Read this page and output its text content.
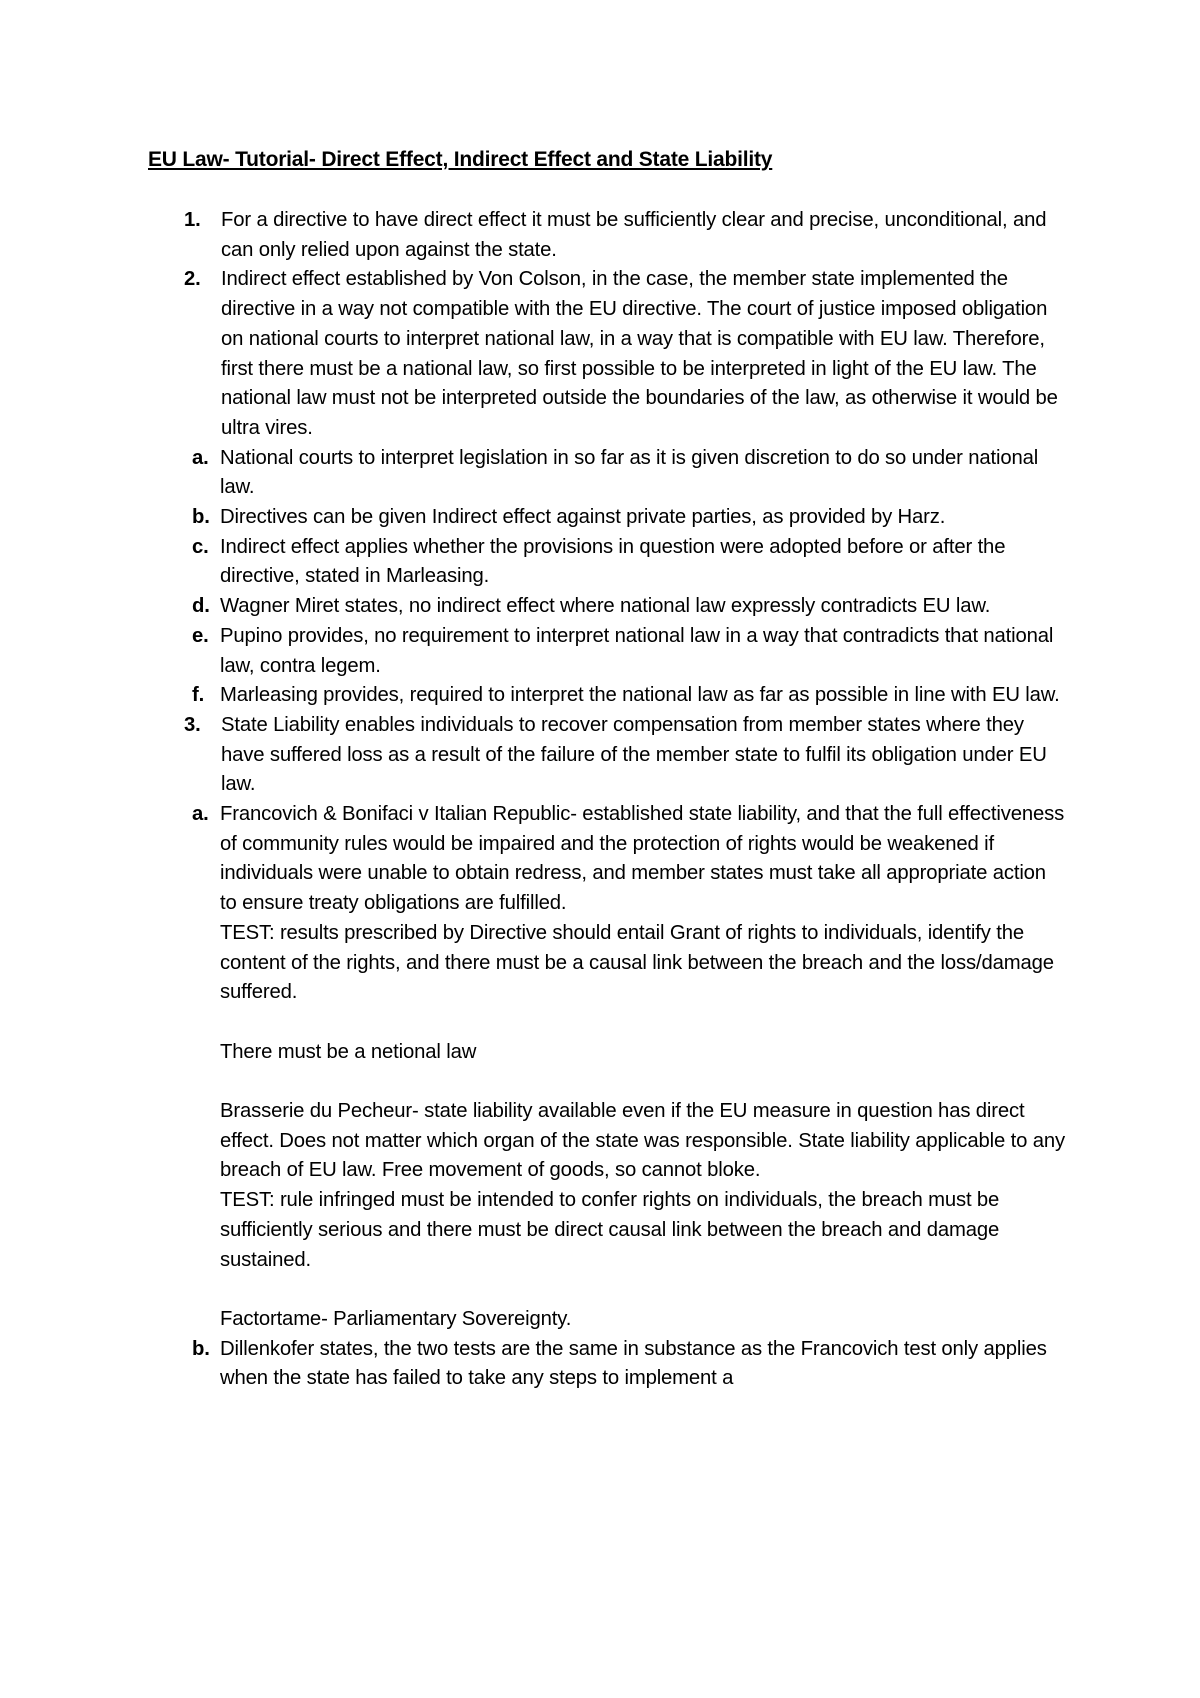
EU Law- Tutorial- Direct Effect, Indirect Effect and State Liability
1. For a directive to have direct effect it must be sufficiently clear and precise, unconditional, and can only relied upon against the state.
2. Indirect effect established by Von Colson, in the case, the member state implemented the directive in a way not compatible with the EU directive. The court of justice imposed obligation on national courts to interpret national law, in a way that is compatible with EU law. Therefore, first there must be a national law, so first possible to be interpreted in light of the EU law. The national law must not be interpreted outside the boundaries of the law, as otherwise it would be ultra vires.
a. National courts to interpret legislation in so far as it is given discretion to do so under national law.
b. Directives can be given Indirect effect against private parties, as provided by Harz.
c. Indirect effect applies whether the provisions in question were adopted before or after the directive, stated in Marleasing.
d. Wagner Miret states, no indirect effect where national law expressly contradicts EU law.
e. Pupino provides, no requirement to interpret national law in a way that contradicts that national law, contra legem.
f. Marleasing provides, required to interpret the national law as far as possible in line with EU law.
3. State Liability enables individuals to recover compensation from member states where they have suffered loss as a result of the failure of the member state to fulfil its obligation under EU law.
a. Francovich & Bonifaci v Italian Republic- established state liability, and that the full effectiveness of community rules would be impaired and the protection of rights would be weakened if individuals were unable to obtain redress, and member states must take all appropriate action to ensure treaty obligations are fulfilled.
TEST: results prescribed by Directive should entail Grant of rights to individuals, identify the content of the rights, and there must be a causal link between the breach and the loss/damage suffered.
There must be a netional law
Brasserie du Pecheur- state liability available even if the EU measure in question has direct effect. Does not matter which organ of the state was responsible. State liability applicable to any breach of EU law. Free movement of goods, so cannot bloke.
TEST: rule infringed must be intended to confer rights on individuals, the breach must be sufficiently serious and there must be direct causal link between the breach and damage sustained.
Factortame- Parliamentary Sovereignty.
b. Dillenkofer states, the two tests are the same in substance as the Francovich test only applies when the state has failed to take any steps to implement a
